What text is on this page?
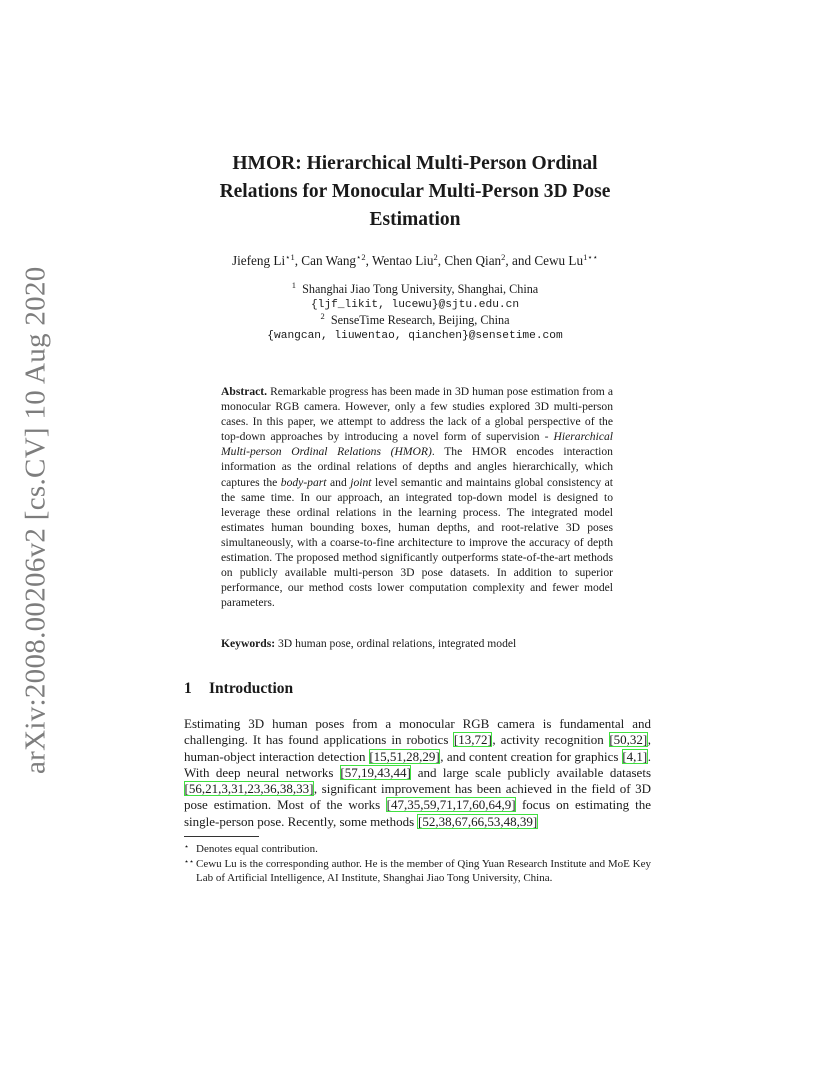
arXiv:2008.00206v2 [cs.CV] 10 Aug 2020
HMOR: Hierarchical Multi-Person Ordinal
Relations for Monocular Multi-Person 3D Pose
Estimation
Jiefeng $Li^{⋆1}$, Can Wang$^{⋆2}$, Wentao Liu$^2$, Chen Qian$^2$, and Cewu $Lu^{1⋆⋆}$
$^1$ Shanghai Jiao Tong University, Shanghai, China
{ljf_likit, lucewu}@sjtu.edu.cn
$^2$ SenseTime Research, Beijing, China
{wangcan, liuwentao, qianchen}@sensetime.com
Abstract. Remarkable progress has been made in 3D human pose estimation from a monocular RGB camera. However, only a few studies explored 3D multi-person cases. In this paper, we attempt to address the lack of a global perspective of the top-down approaches by introducing a novel form of supervision - Hierarchical Multi-person Ordinal Relations (HMOR). The HMOR encodes interaction information as the ordinal relations of depths and angles hierarchically, which captures the body-part and joint level semantic and maintains global consistency at the same time. In our approach, an integrated top-down model is designed to leverage these ordinal relations in the learning process. The integrated model estimates human bounding boxes, human depths, and root-relative 3D poses simultaneously, with a coarse-to-fine architecture to improve the accuracy of depth estimation. The proposed method significantly outperforms state-of-the-art methods on publicly available multi-person 3D pose datasets. In addition to superior performance, our method costs lower computation complexity and fewer model parameters.
Keywords: 3D human pose, ordinal relations, integrated model
1 Introduction
Estimating 3D human poses from a monocular RGB camera is fundamental and challenging. It has found applications in robotics [13,72], activity recognition [50,32], human-object interaction detection [15,51,28,29], and content creation for graphics [4,1]. With deep neural networks [57,19,43,44] and large scale publicly available datasets [56,21,3,31,23,36,38,33], significant improvement has been achieved in the field of 3D pose estimation. Most of the works [47,35,59,71,17,60,64,9] focus on estimating the single-person pose. Recently, some methods [52,38,67,66,53,48,39]
⋆ Denotes equal contribution.
⋆⋆ Cewu Lu is the corresponding author. He is the member of Qing Yuan Research Institute and MoE Key Lab of Artificial Intelligence, AI Institute, Shanghai Jiao Tong University, China.
